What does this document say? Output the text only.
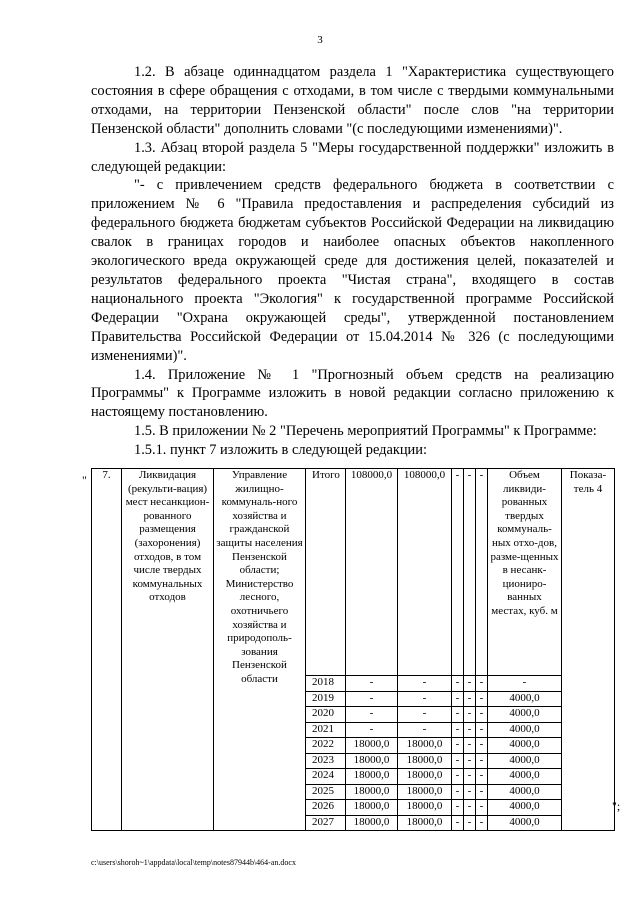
3

1.2. В абзаце одиннадцатом раздела 1 "Характеристика существующего состояния в сфере обращения с отходами, в том числе с твердыми коммунальными отходами, на территории Пензенской области" после слов "на территории Пензенской области" дополнить словами "(с последующими изменениями)".

1.3. Абзац второй раздела 5 "Меры государственной поддержки" изложить в следующей редакции:

"- с привлечением средств федерального бюджета в соответствии с приложением № 6 "Правила предоставления и распределения субсидий из федерального бюджета бюджетам субъектов Российской Федерации на ликвидацию свалок в границах городов и наиболее опасных объектов накопленного экологического вреда окружающей среде для достижения целей, показателей и результатов федерального проекта "Чистая страна", входящего в состав национального проекта "Экология" к государственной программе Российской Федерации "Охрана окружающей среды", утвержденной постановлением Правительства Российской Федерации от 15.04.2014 № 326 (с последующими изменениями)".

1.4. Приложение № 1 "Прогнозный объем средств на реализацию Программы" к Программе изложить в новой редакции согласно приложению к настоящему постановлению.

1.5. В приложении № 2 "Перечень мероприятий Программы" к Программе:

1.5.1. пункт 7 изложить в следующей редакции:

" 7.	Ликвидация (рекульти-вация) мест несанкцион-рованного размещения (захоронения) отходов, в том числе твердых коммунальных отходов	Управление жилищно-коммуналь-ного хозяйства и гражданской защиты населения Пензенской области; Министерство лесного, охотничьего хозяйства и природополь-зования Пензенской области	Итого	108000,0	108000,0	-	-	-	Объем ликвиди-рованных твердых коммуналь-ных отхо-дов, разме-щенных в несанк-циониро-ванных местах, куб. м	Показа-тель 4
			2018	-	-	-	-	-	-	
			2019	-	-	-	-	-	4000,0	
			2020	-	-	-	-	-	4000,0	
			2021	-	-	-	-	-	4000,0	
			2022	18000,0	18000,0	-	-	-	4000,0	
			2023	18000,0	18000,0	-	-	-	4000,0	
			2024	18000,0	18000,0	-	-	-	4000,0	
			2025	18000,0	18000,0	-	-	-	4000,0	
			2026	18000,0	18000,0	-	-	-	4000,0	
			2027	18000,0	18000,0	-	-	-	4000,0	
";
c:\users\shoroh~1\appdata\local\temp\notes87944b\464-an.docx
